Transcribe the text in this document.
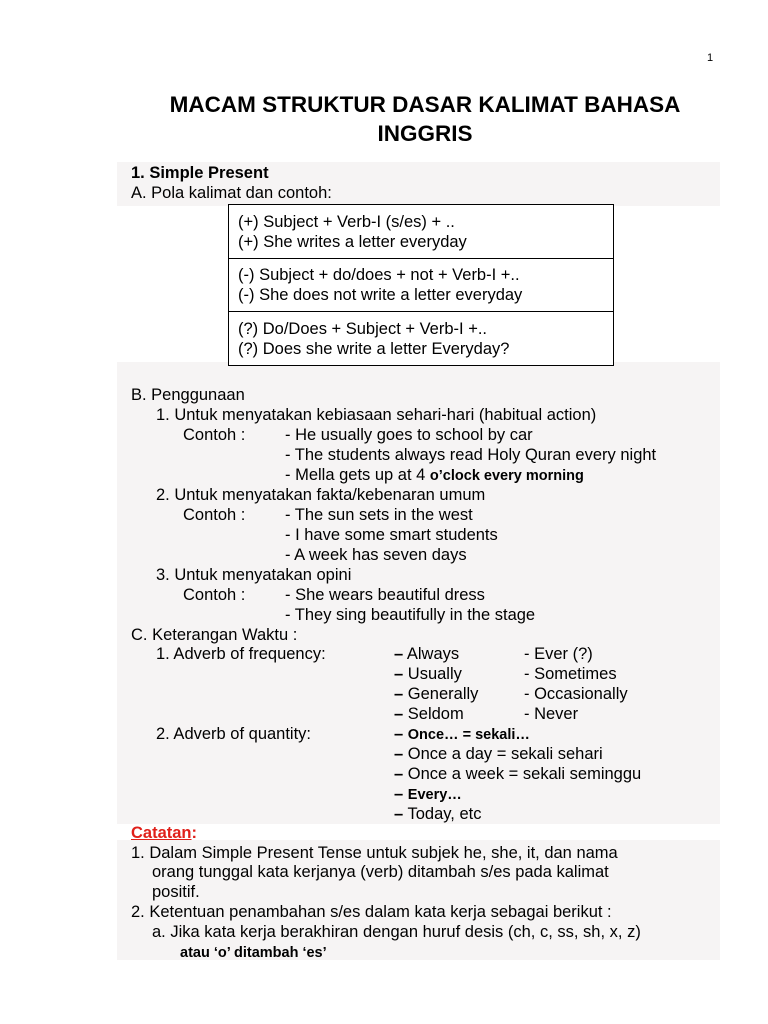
1
MACAM STRUKTUR DASAR KALIMAT BAHASA INGGRIS
1. Simple Present
A. Pola kalimat dan contoh:
(+) Subject + Verb-I (s/es) + ..
(+) She writes a letter everyday
(-) Subject + do/does + not + Verb-I +..
(-) She does not write a letter everyday
(?) Do/Does + Subject + Verb-I +..
(?) Does she write a letter Everyday?
B. Penggunaan
1. Untuk menyatakan kebiasaan sehari-hari (habitual action)
Contoh : - He usually goes to school by car
- The students always read Holy Quran every night
- Mella gets up at 4 o’clock every morning
2. Untuk menyatakan fakta/kebenaran umum
Contoh : - The sun sets in the west
- I have some smart students
- A week has seven days
3. Untuk menyatakan opini
Contoh : - She wears beautiful dress
- They sing beautifully in the stage
C. Keterangan Waktu :
1. Adverb of frequency:	– Always
– Usually
– Generally
– Seldom
- Ever (?)
- Sometimes
- Occasionally
- Never
2. Adverb of quantity:	– Once… = sekali…
– Once a day = sekali sehari
– Once a week = sekali seminggu
– Every…
– Today, etc
Catatan:
1. Dalam Simple Present Tense untuk subjek he, she, it, dan nama
orang tunggal kata kerjanya (verb) ditambah s/es pada kalimat
positif.
2. Ketentuan penambahan s/es dalam kata kerja sebagai berikut :
a. Jika kata kerja berakhiran dengan huruf desis (ch, c, ss, sh, x, z)
atau ‘o’ ditambah ‘es’
